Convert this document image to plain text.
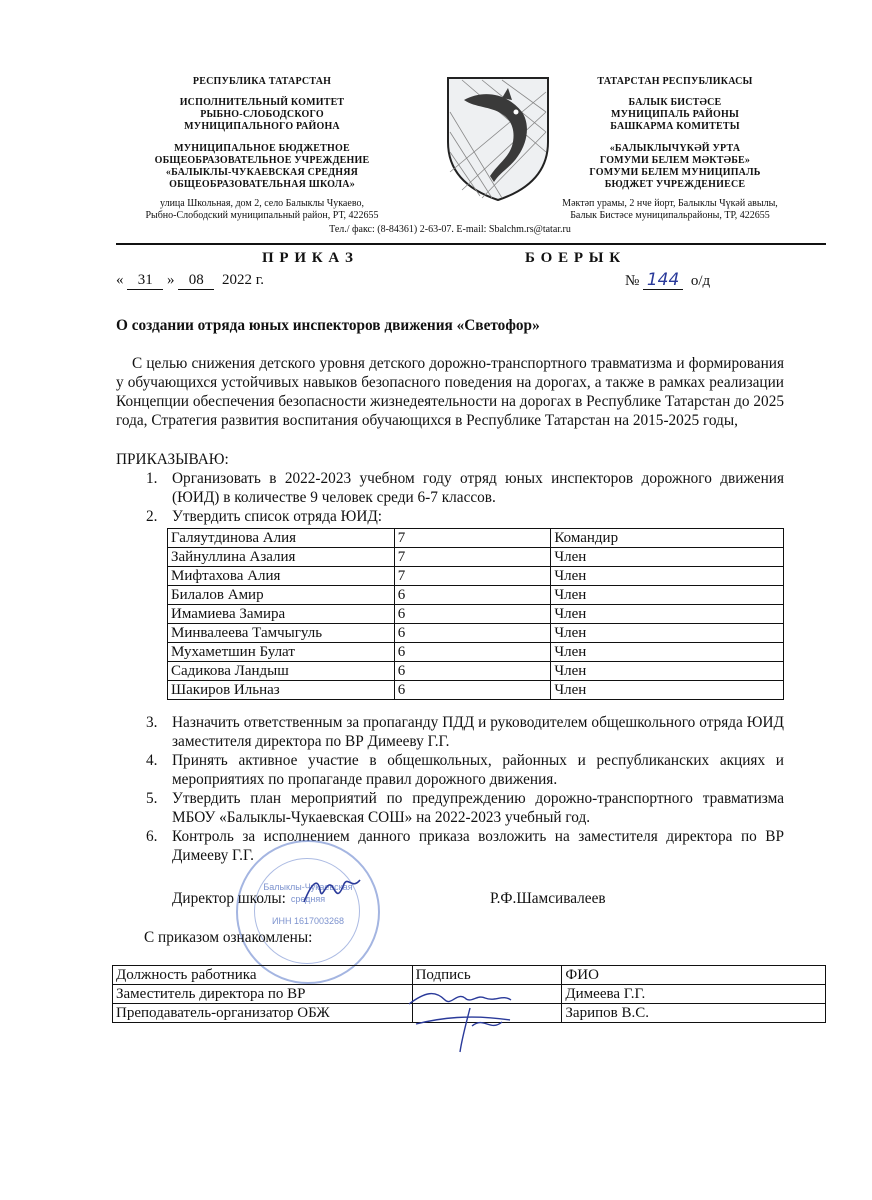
РЕСПУБЛИКА ТАТАРСТАН
ИСПОЛНИТЕЛЬНЫЙ КОМИТЕТ
РЫБНО-СЛОБОДСКОГО
МУНИЦИПАЛЬНОГО РАЙОНА
МУНИЦИПАЛЬНОЕ БЮДЖЕТНОЕ
ОБЩЕОБРАЗОВАТЕЛЬНОЕ УЧРЕЖДЕНИЕ
«БАЛЫКЛЫ-ЧУКАЕВСКАЯ СРЕДНЯЯ
ОБЩЕОБРАЗОВАТЕЛЬНАЯ ШКОЛА»
улица Школьная, дом 2, село Балыклы Чукаево,
Рыбно-Слободский муниципальный район, РТ, 422655
ТАТАРСТАН РЕСПУБЛИКАСЫ
БАЛЫК БИСТӘСЕ
МУНИЦИПАЛЬ РАЙОНЫ
БАШКАРМА КОМИТЕТЫ
«БАЛЫКЛЫЧҮКӘЙ УРТА
ГОМУМИ БЕЛЕМ МӘКТӘБЕ»
ГОМУМИ БЕЛЕМ МУНИЦИПАЛЬ
БЮДЖЕТ УЧРЕЖДЕНИЕСЕ
Мәктәп урамы, 2 нче йорт, Балыклы Чүкәй авылы,
Балык Бистәсе муниципальрайоны, ТР, 422655
Тел./ факс: (8-84361) 2-63-07. E-mail: Sbalchm.rs@tatar.ru
П Р И К А З	Б О Е Р Ы К
« 31 » 08 2022 г.	№ 144 о/д
О создании отряда юных инспекторов движения «Светофор»
С целью снижения детского уровня детского дорожно-транспортного травматизма и формирования у обучающихся устойчивых навыков безопасного поведения на дорогах, а также в рамках реализации Концепции обеспечения безопасности жизнедеятельности на дорогах в Республике Татарстан до 2025 года, Стратегия развития воспитания обучающихся в Республике Татарстан на 2015-2025 годы,
ПРИКАЗЫВАЮ:
1. Организовать в 2022-2023 учебном году отряд юных инспекторов дорожного движения (ЮИД) в количестве 9 человек среди 6-7 классов.
2. Утвердить список отряда ЮИД:
Галяутдинова Алия	7	Командир
Зайнуллина Азалия	7	Член
Мифтахова Алия	7	Член
Билалов Амир	6	Член
Имамиева Замира	6	Член
Минвалеева Тамчыгуль	6	Член
Мухаметшин Булат	6	Член
Садикова Ландыш	6	Член
Шакиров Ильназ	6	Член
3. Назначить ответственным за пропаганду ПДД и руководителем общешкольного отряда ЮИД заместителя директора по ВР Димееву Г.Г.
4. Принять активное участие в общешкольных, районных и республиканских акциях и мероприятиях по пропаганде правил дорожного движения.
5. Утвердить план мероприятий по предупреждению дорожно-транспортного травматизма МБОУ «Балыклы-Чукаевская СОШ» на 2022-2023 учебный год.
6. Контроль за исполнением данного приказа возложить на заместителя директора по ВР Димееву Г.Г.
Балыклы-Чукаевская
средняя
ИНН 1617003268
Директор школы:	Р.Ф.Шамсивалеев
С приказом ознакомлены:
Должность работника	Подпись	ФИО
Заместитель директора по ВР		Димеева Г.Г.
Преподаватель-организатор ОБЖ		Зарипов В.С.
